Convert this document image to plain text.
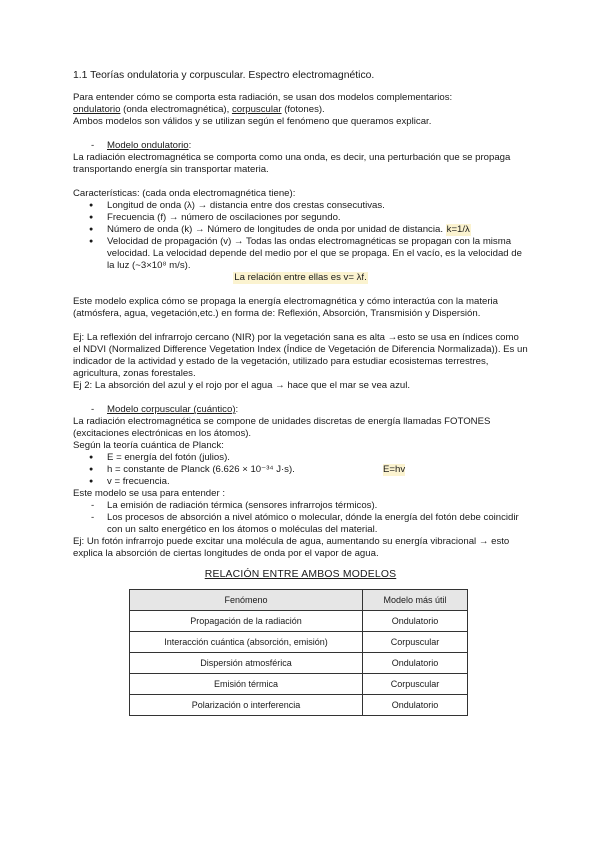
1.1 Teorías ondulatoria y corpuscular. Espectro electromagnético.

Para entender cómo se comporta esta radiación, se usan dos modelos complementarios:

ondulatorio (onda electromagnética), corpuscular (fotones).

Ambos modelos son válidos y se utilizan según el fenómeno que queramos explicar.

- Modelo ondulatorio:

La radiación electromagnética se comporta como una onda, es decir, una perturbación que se propaga transportando energía sin transportar materia.

Características: (cada onda electromagnética tiene):

● Longitud de onda (λ) → distancia entre dos crestas consecutivas.
● Frecuencia (f) → número de oscilaciones por segundo.
● Número de onda (k) → Número de longitudes de onda por unidad de distancia. k=1/λ
● Velocidad de propagación (v) → Todas las ondas electromagnéticas se propagan con la misma velocidad. La velocidad depende del medio por el que se propaga. En el vacío, es la velocidad de la luz (~3×10⁸ m/s).

La relación entre ellas es v= λf.

Este modelo explica cómo se propaga la energía electromagnética y cómo interactúa con la materia (atmósfera, agua, vegetación,etc.) en forma de: Reflexión, Absorción, Transmisión y Dispersión.

Ej: La reflexión del infrarrojo cercano (NIR) por la vegetación sana es alta →esto se usa en índices como el NDVI (Normalized Difference Vegetation Index (Índice de Vegetación de Diferencia Normalizada)). Es un indicador de la actividad y estado de la vegetación, utilizado para estudiar ecosistemas terrestres, agricultura, zonas forestales.

Ej 2: La absorción del azul y el rojo por el agua → hace que el mar se vea azul.

- Modelo corpuscular (cuántico):

La radiación electromagnética se compone de unidades discretas de energía llamadas FOTONES (excitaciones electrónicas en los átomos).

Según la teoría cuántica de Planck:

● E = energía del fotón (julios).
● h = constante de Planck (6.626 × 10⁻³⁴ J·s).	E=hv
● v = frecuencia.

Este modelo se usa para entender :

- La emisión de radiación térmica (sensores infrarrojos térmicos).
- Los procesos de absorción a nivel atómico o molecular, dónde la energía del fotón debe coincidir con un salto energético en los átomos o moléculas del material.

Ej: Un fotón infrarrojo puede excitar una molécula de agua, aumentando su energía vibracional → esto explica la absorción de ciertas longitudes de onda por el vapor de agua.

RELACIÓN ENTRE AMBOS MODELOS

Fenómeno	Modelo más útil
Propagación de la radiación	Ondulatorio
Interacción cuántica (absorción, emisión)	Corpuscular
Dispersión atmosférica	Ondulatorio
Emisión térmica	Corpuscular
Polarización o interferencia	Ondulatorio
